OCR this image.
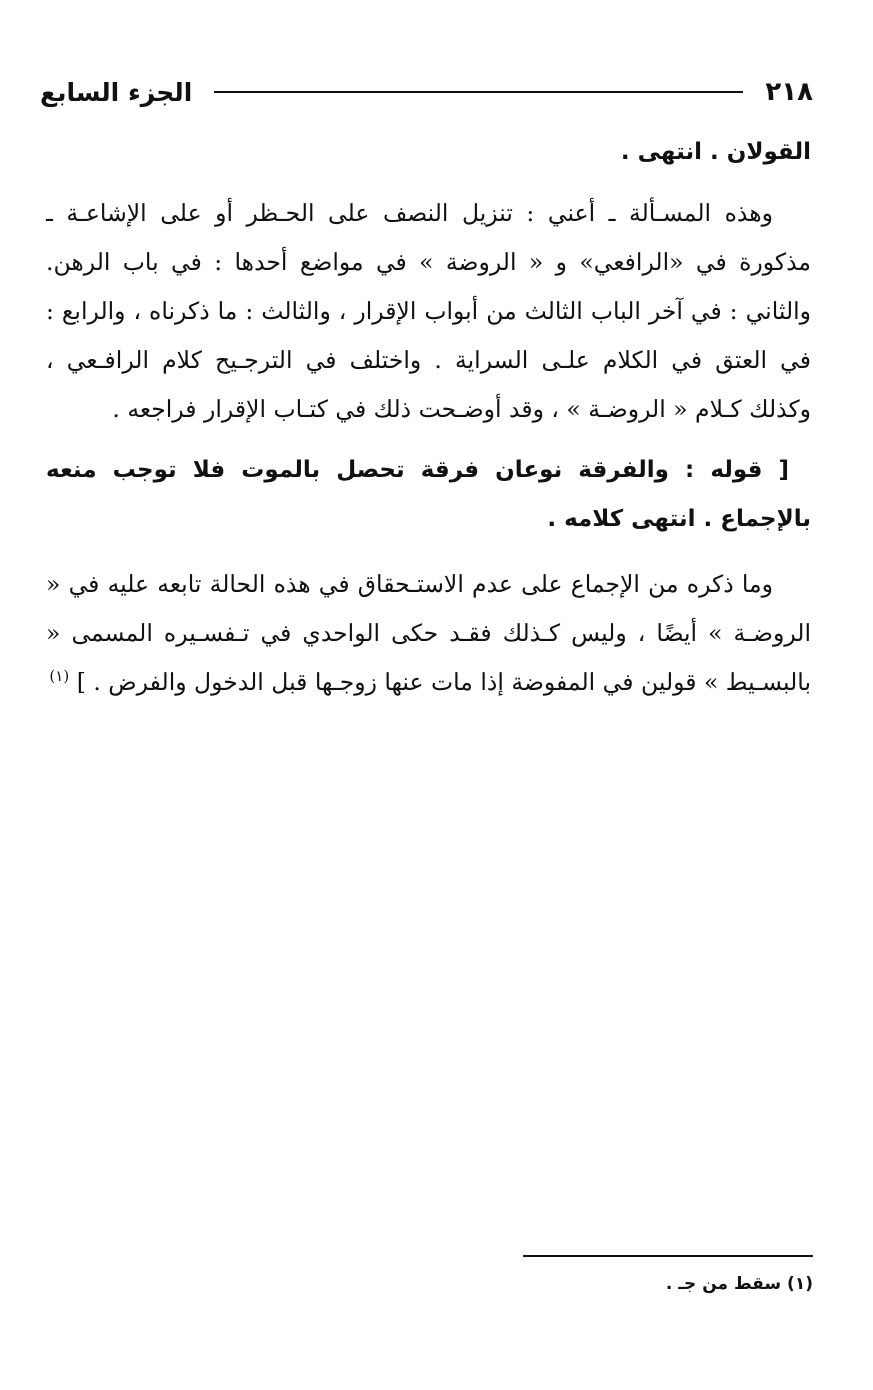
٢١٨
الجزء السابع

القولان . انتهى .

وهذه المسـألة ـ أعني : تنزيل النصف على الحـظر أو على الإشاعـة ـ مذكورة في «الرافعي» و « الروضة » في مواضع أحدها : في باب الرهن. والثاني : في آخر الباب الثالث من أبواب الإقرار ، والثالث : ما ذكرناه ، والرابع : في العتق في الكلام علـى السراية . واختلف في الترجـيح كلام الرافـعي ، وكذلك كـلام « الروضـة » ، وقد أوضـحت ذلك في كتـاب الإقرار فراجعه .

[ قوله : والفرقة نوعان فرقة تحصل بالموت فلا توجب منعه بالإجماع . انتهى كلامه .

وما ذكره من الإجماع على عدم الاستـحقاق في هذه الحالة تابعه عليه في « الروضـة » أيضًا ، وليس كـذلك فقـد حكى الواحدي في تـفسـيره المسمى « بالبسـيط » قولين في المفوضة إذا مات عنها زوجـها قبل الدخول والفرض . ] $^{(١)}$

(١) سقط من جـ .
